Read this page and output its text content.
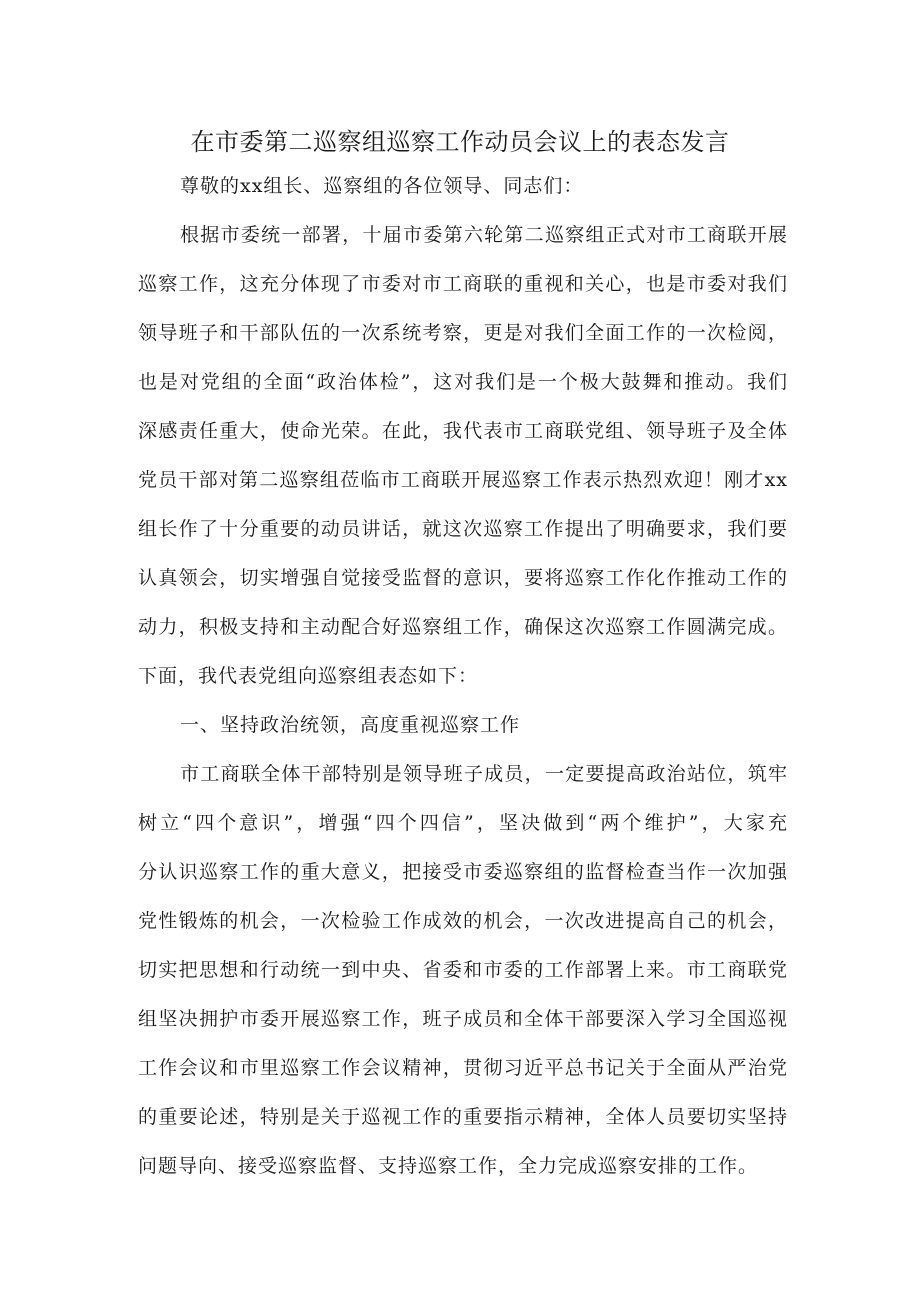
在市委第二巡察组巡察工作动员会议上的表态发言
尊敬的xx组长、巡察组的各位领导、同志们：
根据市委统一部署，十届市委第六轮第二巡察组正式对市工商联开展
巡察工作，这充分体现了市委对市工商联的重视和关心，也是市委对我们
领导班子和干部队伍的一次系统考察，更是对我们全面工作的一次检阅，
也是对党组的全面“政治体检”，这对我们是一个极大鼓舞和推动。我们
深感责任重大，使命光荣。在此，我代表市工商联党组、领导班子及全体
党员干部对第二巡察组莅临市工商联开展巡察工作表示热烈欢迎！刚才xx
组长作了十分重要的动员讲话，就这次巡察工作提出了明确要求，我们要
认真领会，切实增强自觉接受监督的意识，要将巡察工作化作推动工作的
动力，积极支持和主动配合好巡察组工作，确保这次巡察工作圆满完成。
下面，我代表党组向巡察组表态如下：
一、坚持政治统领，高度重视巡察工作
市工商联全体干部特别是领导班子成员，一定要提高政治站位，筑牢
树立“四个意识”，增强“四个四信”，坚决做到“两个维护”，大家充
分认识巡察工作的重大意义，把接受市委巡察组的监督检查当作一次加强
党性锻炼的机会，一次检验工作成效的机会，一次改进提高自己的机会，
切实把思想和行动统一到中央、省委和市委的工作部署上来。市工商联党
组坚决拥护市委开展巡察工作，班子成员和全体干部要深入学习全国巡视
工作会议和市里巡察工作会议精神，贯彻习近平总书记关于全面从严治党
的重要论述，特别是关于巡视工作的重要指示精神，全体人员要切实坚持
问题导向、接受巡察监督、支持巡察工作，全力完成巡察安排的工作。
